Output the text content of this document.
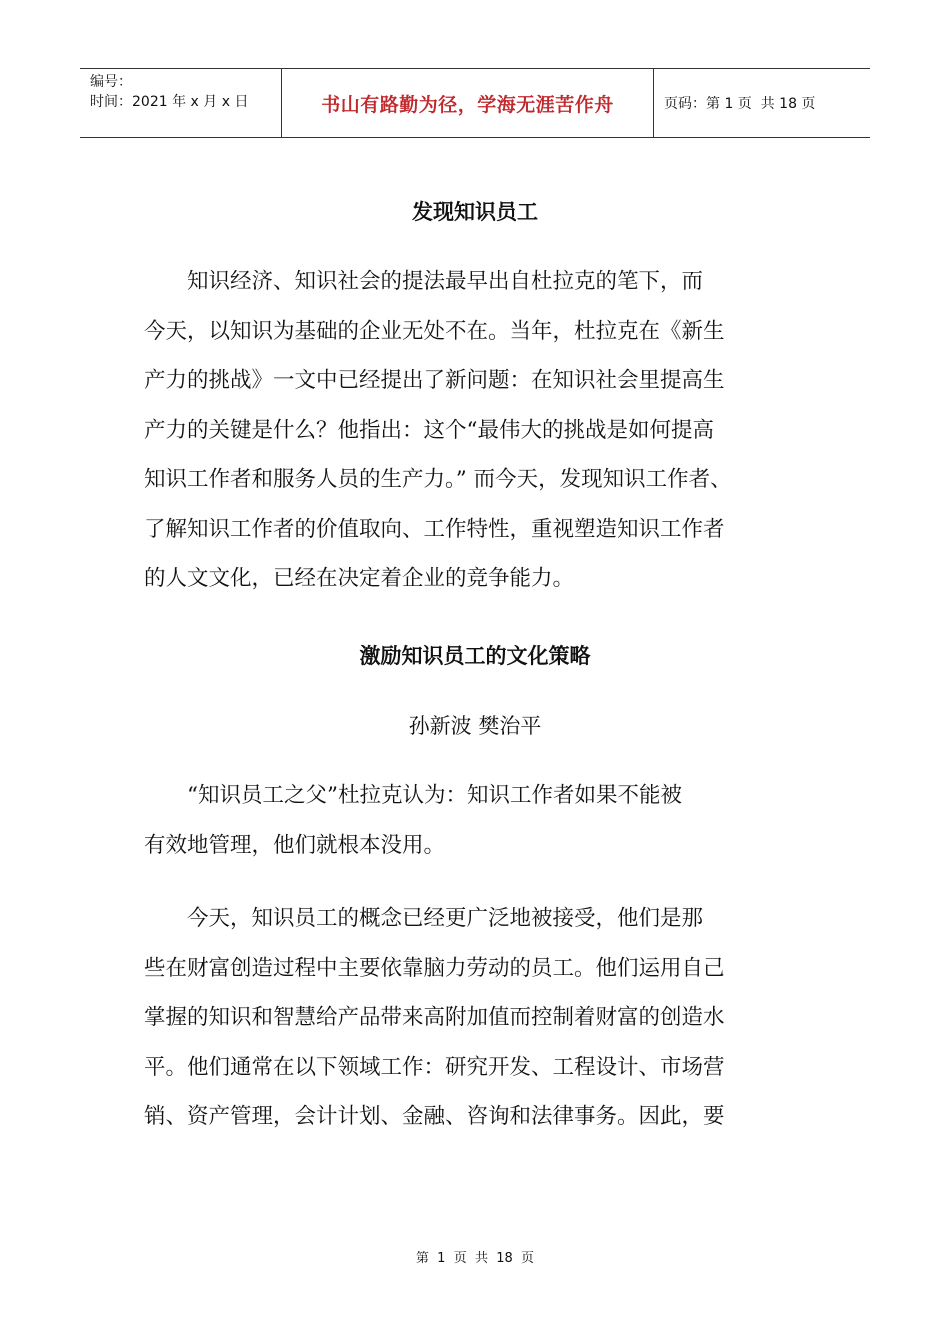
编号：
时间：2021 年 x 月 x 日	书山有路勤为径，学海无涯苦作舟	页码：第 1 页  共 18 页
发现知识员工
　　知识经济、知识社会的提法最早出自杜拉克的笔下，而
今天，以知识为基础的企业无处不在。当年，杜拉克在《新生
产力的挑战》一文中已经提出了新问题：在知识社会里提高生
产力的关键是什么？他指出：这个“最伟大的挑战是如何提高
知识工作者和服务人员的生产力。” 而今天，发现知识工作者、
了解知识工作者的价值取向、工作特性，重视塑造知识工作者
的人文文化，已经在决定着企业的竞争能力。
激励知识员工的文化策略
孙新波 樊治平
　　“知识员工之父”杜拉克认为：知识工作者如果不能被
有效地管理，他们就根本没用。
　　今天，知识员工的概念已经更广泛地被接受，他们是那
些在财富创造过程中主要依靠脑力劳动的员工。他们运用自己
掌握的知识和智慧给产品带来高附加值而控制着财富的创造水
平。他们通常在以下领域工作：研究开发、工程设计、市场营
销、资产管理，会计计划、金融、咨询和法律事务。因此，要
第  1  页  共  18  页
